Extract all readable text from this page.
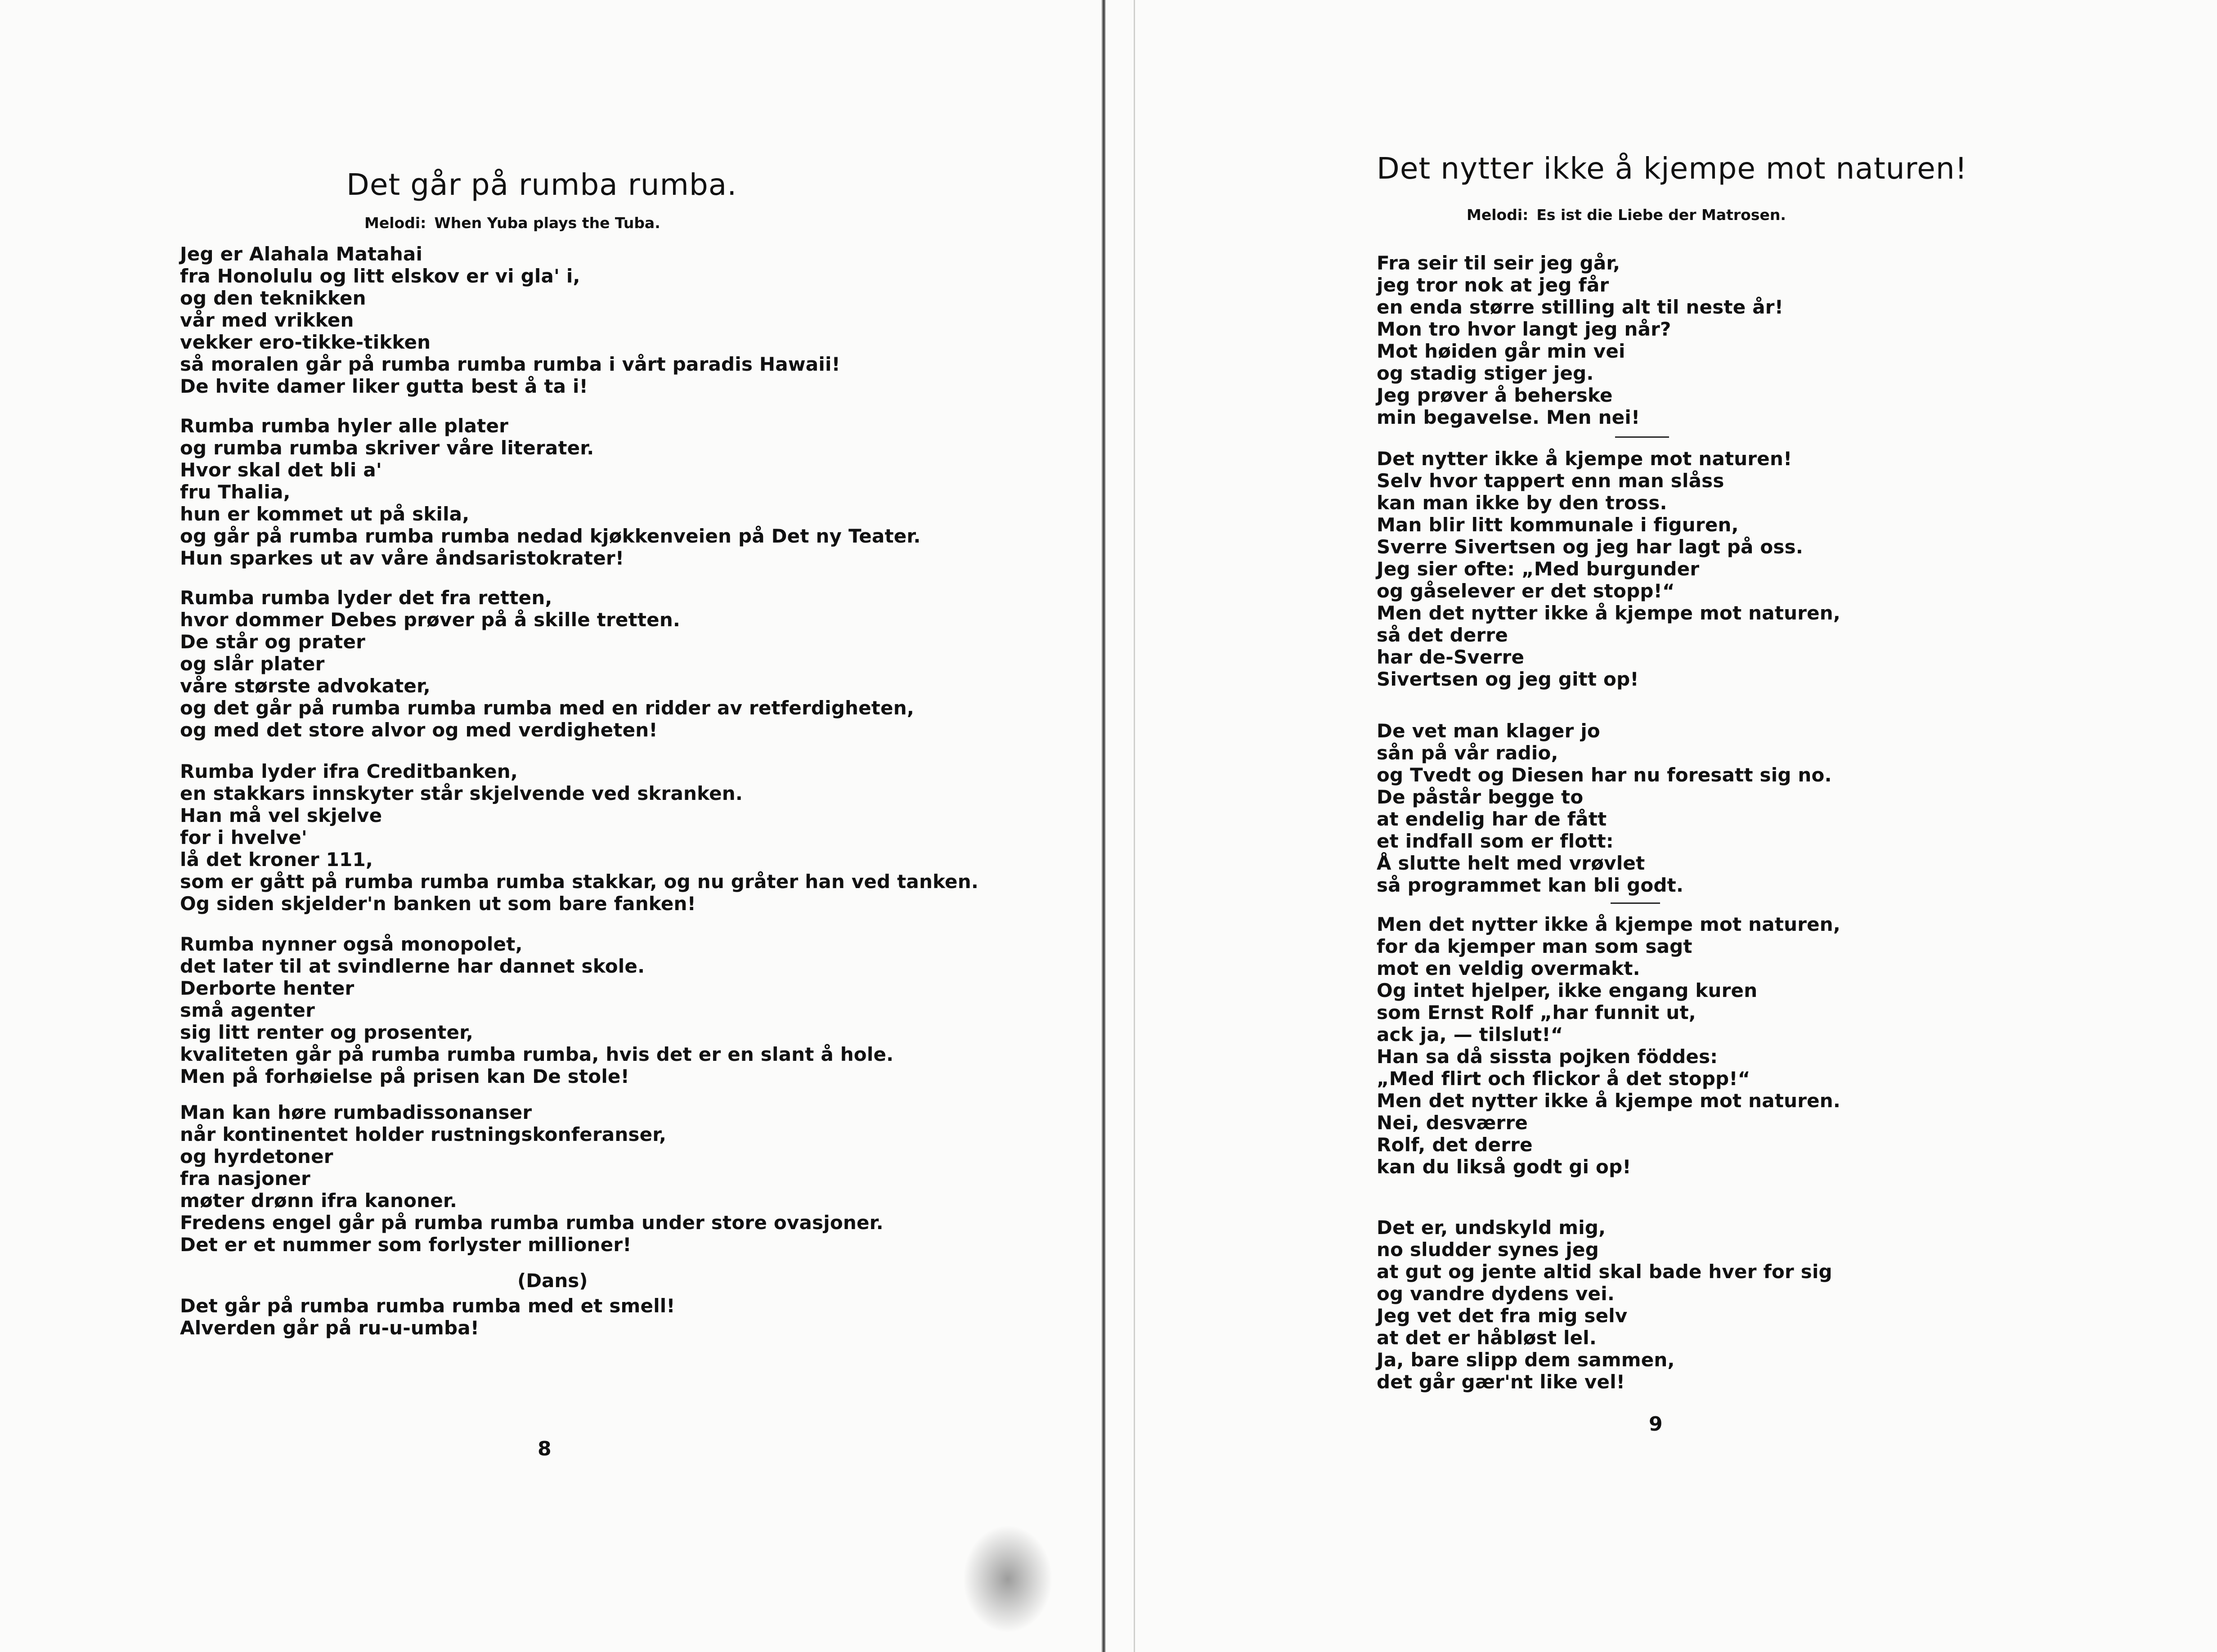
Det går på rumba rumba.
Melodi: When Yuba plays the Tuba.
Jeg er Alahala Matahai
fra Honolulu og litt elskov er vi gla' i,
og den teknikken
vår med vrikken
vekker ero-tikke-tikken
så moralen går på rumba rumba rumba i vårt paradis Hawaii!
De hvite damer liker gutta best å ta i!
Rumba rumba hyler alle plater
og rumba rumba skriver våre literater.
Hvor skal det bli a'
fru Thalia,
hun er kommet ut på skila,
og går på rumba rumba rumba nedad kjøkkenveien på Det ny Teater.
Hun sparkes ut av våre åndsaristokrater!
Rumba rumba lyder det fra retten,
hvor dommer Debes prøver på å skille tretten.
De står og prater
og slår plater
våre største advokater,
og det går på rumba rumba rumba med en ridder av retferdigheten,
og med det store alvor og med verdigheten!
Rumba lyder ifra Creditbanken,
en stakkars innskyter står skjelvende ved skranken.
Han må vel skjelve
for i hvelve'
lå det kroner 111,
som er gått på rumba rumba rumba stakkar, og nu gråter han ved tanken.
Og siden skjelder'n banken ut som bare fanken!
Rumba nynner også monopolet,
det later til at svindlerne har dannet skole.
Derborte henter
små agenter
sig litt renter og prosenter,
kvaliteten går på rumba rumba rumba, hvis det er en slant å hole.
Men på forhøielse på prisen kan De stole!
Man kan høre rumbadissonanser
når kontinentet holder rustningskonferanser,
og hyrdetoner
fra nasjoner
møter drønn ifra kanoner.
Fredens engel går på rumba rumba rumba under store ovasjoner.
Det er et nummer som forlyster millioner!
(Dans)
Det går på rumba rumba rumba med et smell!
Alverden går på ru-u-umba!
8
Det nytter ikke å kjempe mot naturen!
Melodi: Es ist die Liebe der Matrosen.
Fra seir til seir jeg går,
jeg tror nok at jeg får
en enda større stilling alt til neste år!
Mon tro hvor langt jeg når?
Mot høiden går min vei
og stadig stiger jeg.
Jeg prøver å beherske
min begavelse. Men nei!
Det nytter ikke å kjempe mot naturen!
Selv hvor tappert enn man slåss
kan man ikke by den tross.
Man blir litt kommunale i figuren,
Sverre Sivertsen og jeg har lagt på oss.
Jeg sier ofte: „Med burgunder
og gåselever er det stopp!“
Men det nytter ikke å kjempe mot naturen,
så det derre
har de-Sverre
Sivertsen og jeg gitt op!
De vet man klager jo
sån på vår radio,
og Tvedt og Diesen har nu foresatt sig no.
De påstår begge to
at endelig har de fått
et indfall som er flott:
Å slutte helt med vrøvlet
så programmet kan bli godt.
Men det nytter ikke å kjempe mot naturen,
for da kjemper man som sagt
mot en veldig overmakt.
Og intet hjelper, ikke engang kuren
som Ernst Rolf „har funnit ut,
ack ja, — tilslut!“
Han sa då sissta pojken föddes:
„Med flirt och flickor å det stopp!“
Men det nytter ikke å kjempe mot naturen.
Nei, desværre
Rolf, det derre
kan du likså godt gi op!
Det er, undskyld mig,
no sludder synes jeg
at gut og jente altid skal bade hver for sig
og vandre dydens vei.
Jeg vet det fra mig selv
at det er håbløst lel.
Ja, bare slipp dem sammen,
det går gær'nt like vel!
9
